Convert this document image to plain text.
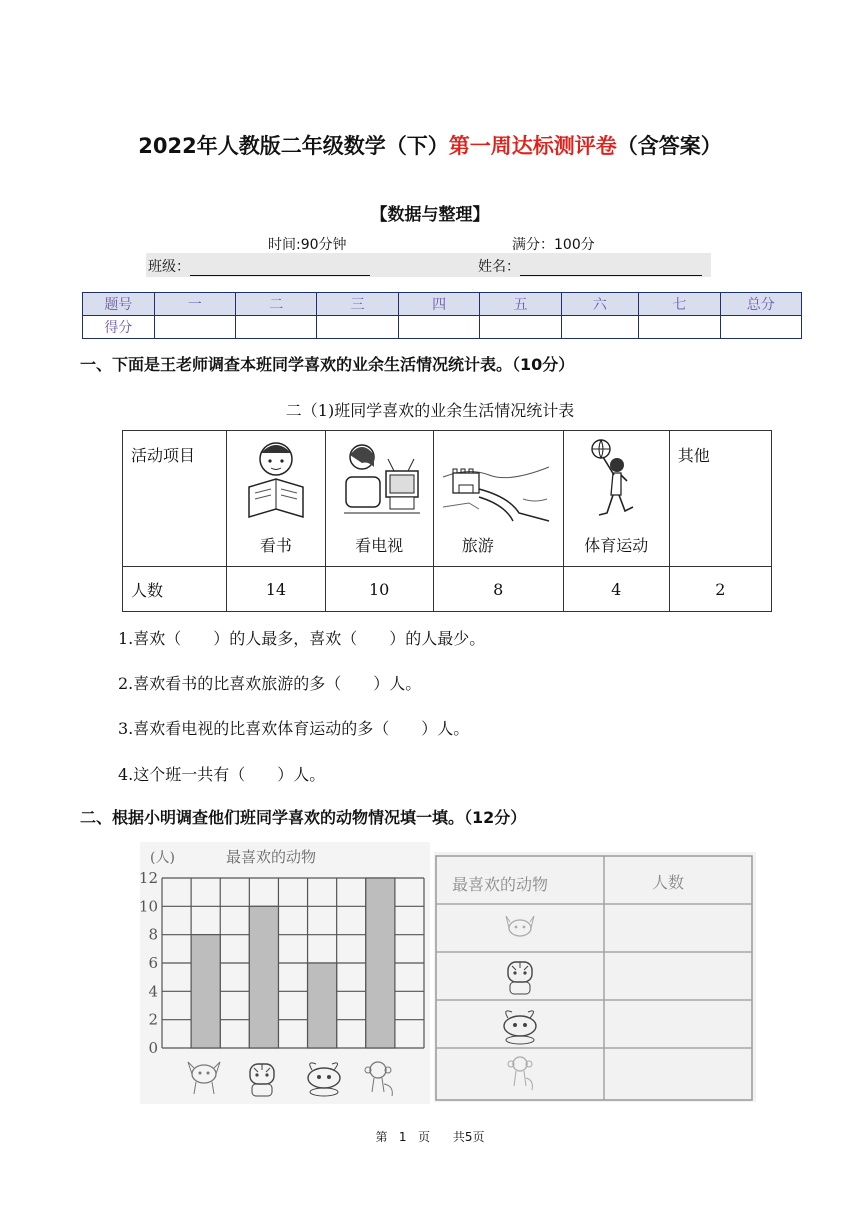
2022年人教版二年级数学（下）第一周达标测评卷（含答案）
【数据与整理】
时间:90分钟	满分：100分
班级：	姓名：
题号	一	二	三	四	五	六	七	总分
得分								
一、下面是王老师调查本班同学喜欢的业余生活情况统计表。（10分）
二（1)班同学喜欢的业余生活情况统计表
活动项目	看书	看电视	旅游	体育运动	其他

人数	14	10	8	4	2
1.喜欢（　　）的人最多，喜欢（　　）的人最少。
2.喜欢看书的比喜欢旅游的多（　　）人。
3.喜欢看电视的比喜欢体育运动的多（　　）人。
4.这个班一共有（　　）人。
二、根据小明调查他们班同学喜欢的动物情况填一填。（12分）
(人)	最喜欢的动物
0
2
4
6
8
10
12	最喜欢的动物	人数
第 1 页 共5页
